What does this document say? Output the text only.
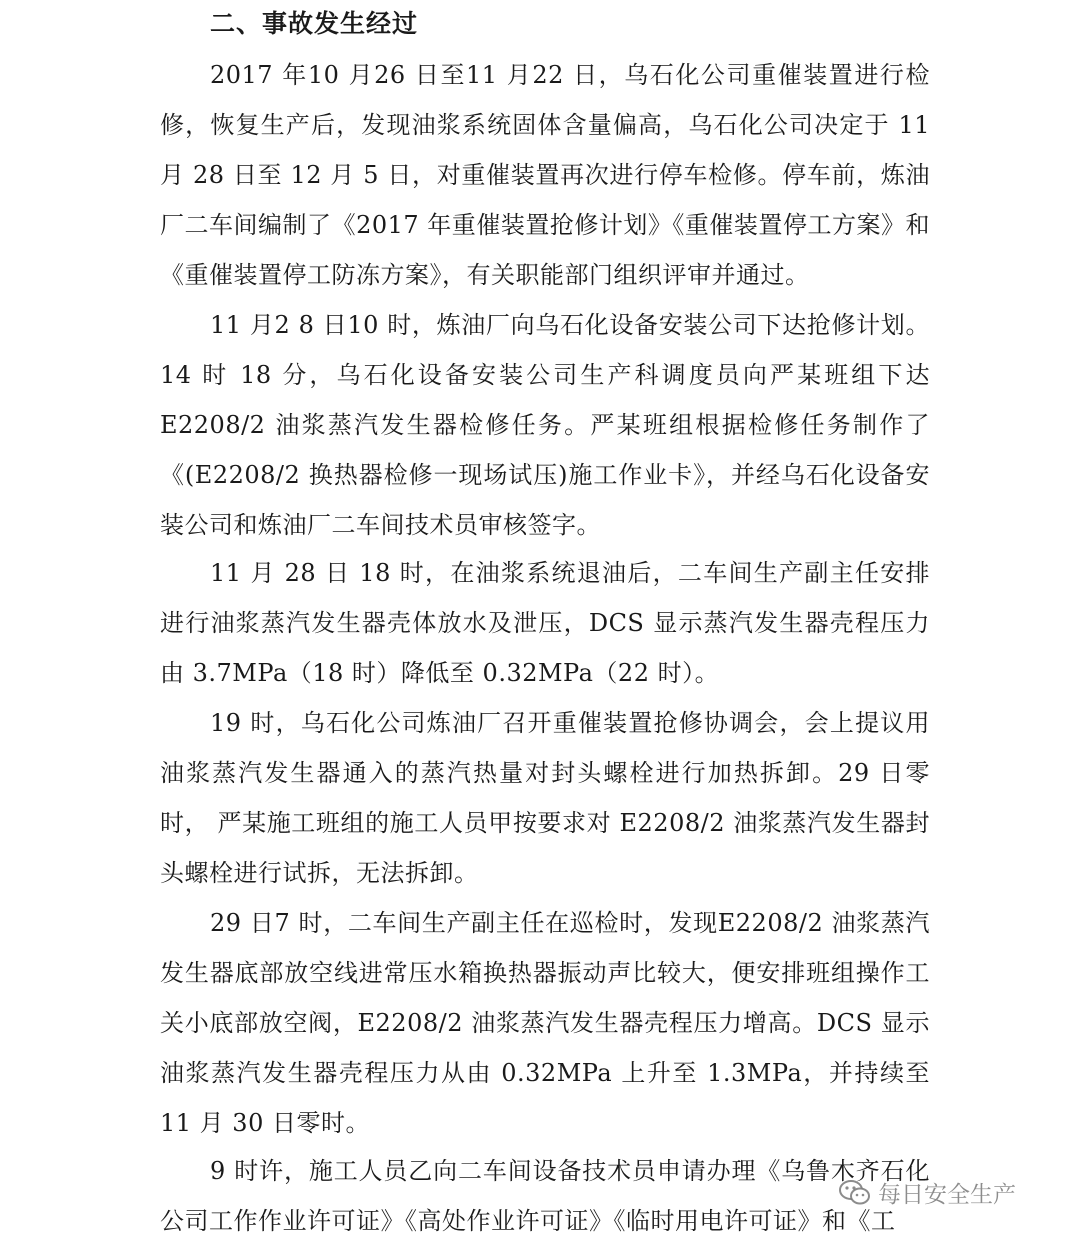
二、事故发生经过

2017 年10 月26 日至11 月22 日，乌石化公司重催装置进行检修，恢复生产后，发现油浆系统固体含量偏高，乌石化公司决定于 11 月 28 日至 12 月 5 日，对重催装置再次进行停车检修。停车前，炼油厂二车间编制了《2017 年重催装置抢修计划》《重催装置停工方案》和《重催装置停工防冻方案》，有关职能部门组织评审并通过。

11 月2 8 日10 时，炼油厂向乌石化设备安装公司下达抢修计划。14 时 18 分，乌石化设备安装公司生产科调度员向严某班组下达 E2208/2 油浆蒸汽发生器检修任务。严某班组根据检修任务制作了《(E2208/2 换热器检修一现场试压)施工作业卡》，并经乌石化设备安装公司和炼油厂二车间技术员审核签字。

11 月 28 日 18 时，在油浆系统退油后，二车间生产副主任安排进行油浆蒸汽发生器壳体放水及泄压，DCS 显示蒸汽发生器壳程压力由 3.7MPa（18 时）降低至 0.32MPa（22 时）。

19 时，乌石化公司炼油厂召开重催装置抢修协调会，会上提议用油浆蒸汽发生器通入的蒸汽热量对封头螺栓进行加热拆卸。29 日零时， 严某施工班组的施工人员甲按要求对 E2208/2 油浆蒸汽发生器封头螺栓进行试拆，无法拆卸。

29 日7 时，二车间生产副主任在巡检时，发现E2208/2 油浆蒸汽发生器底部放空线进常压水箱换热器振动声比较大，便安排班组操作工关小底部放空阀，E2208/2 油浆蒸汽发生器壳程压力增高。DCS 显示油浆蒸汽发生器壳程压力从由 0.32MPa 上升至 1.3MPa，并持续至 11 月 30 日零时。

9 时许，施工人员乙向二车间设备技术员申请办理《乌鲁木齐石化公司工作作业许可证》《高处作业许可证》《临时用电许可证》和《工

每日安全生产
